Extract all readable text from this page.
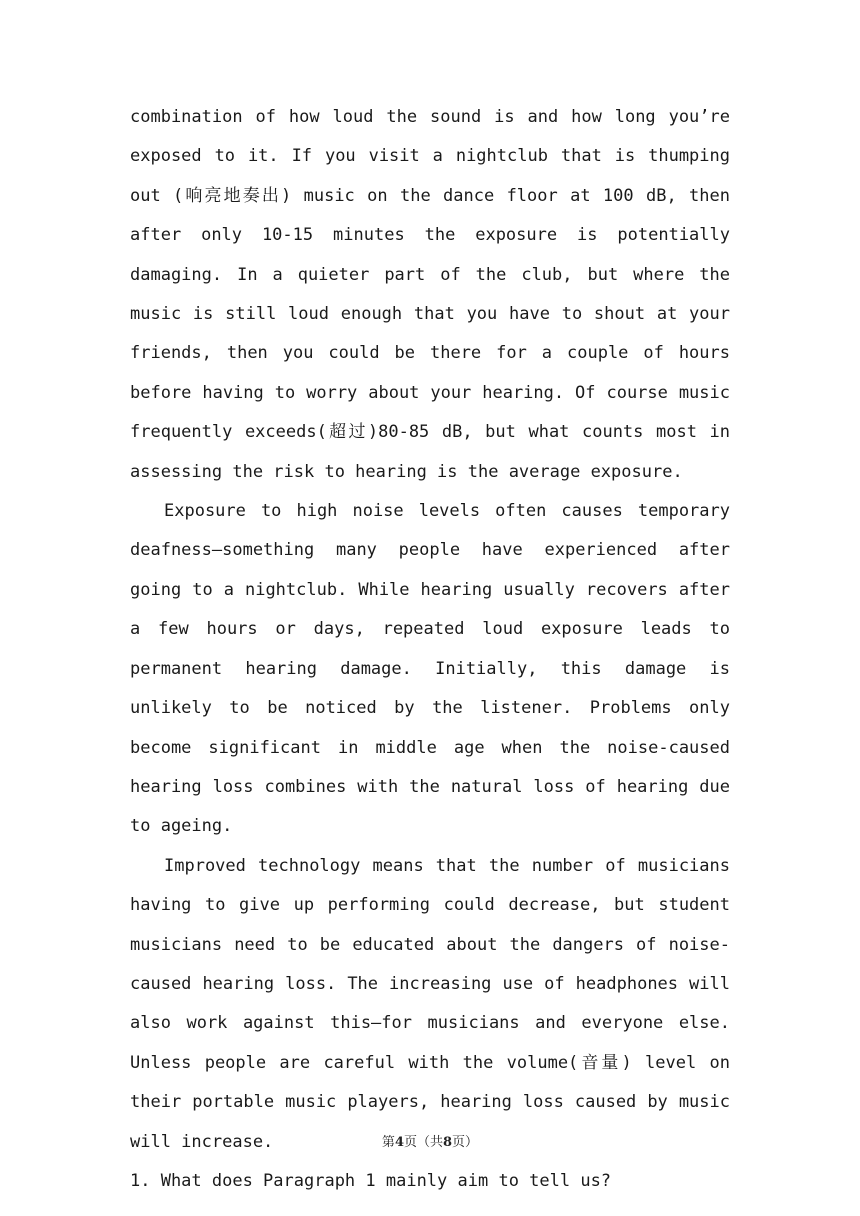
combination of how loud the sound is and how long you’re exposed to it. If you visit a nightclub that is thumping out (响亮地奏出) music on the dance floor at 100 dB, then after only 10-15 minutes the exposure is potentially damaging. In a quieter part of the club, but where the music is still loud enough that you have to shout at your friends, then you could be there for a couple of hours before having to worry about your hearing. Of course music frequently exceeds(超过)80-85 dB, but what counts most in assessing the risk to hearing is the average exposure.

Exposure to high noise levels often causes temporary deafness—something many people have experienced after going to a nightclub. While hearing usually recovers after a few hours or days, repeated loud exposure leads to permanent hearing damage. Initially, this damage is unlikely to be noticed by the listener. Problems only become significant in middle age when the noise-caused hearing loss combines with the natural loss of hearing due to ageing.

Improved technology means that the number of musicians having to give up performing could decrease, but student musicians need to be educated about the dangers of noise-caused hearing loss. The increasing use of headphones will also work against this—for musicians and everyone else. Unless people are careful with the volume(音量) level on their portable music players, hearing loss caused by music will increase.

1. What does Paragraph 1 mainly aim to tell us?

第4页（共8页）
